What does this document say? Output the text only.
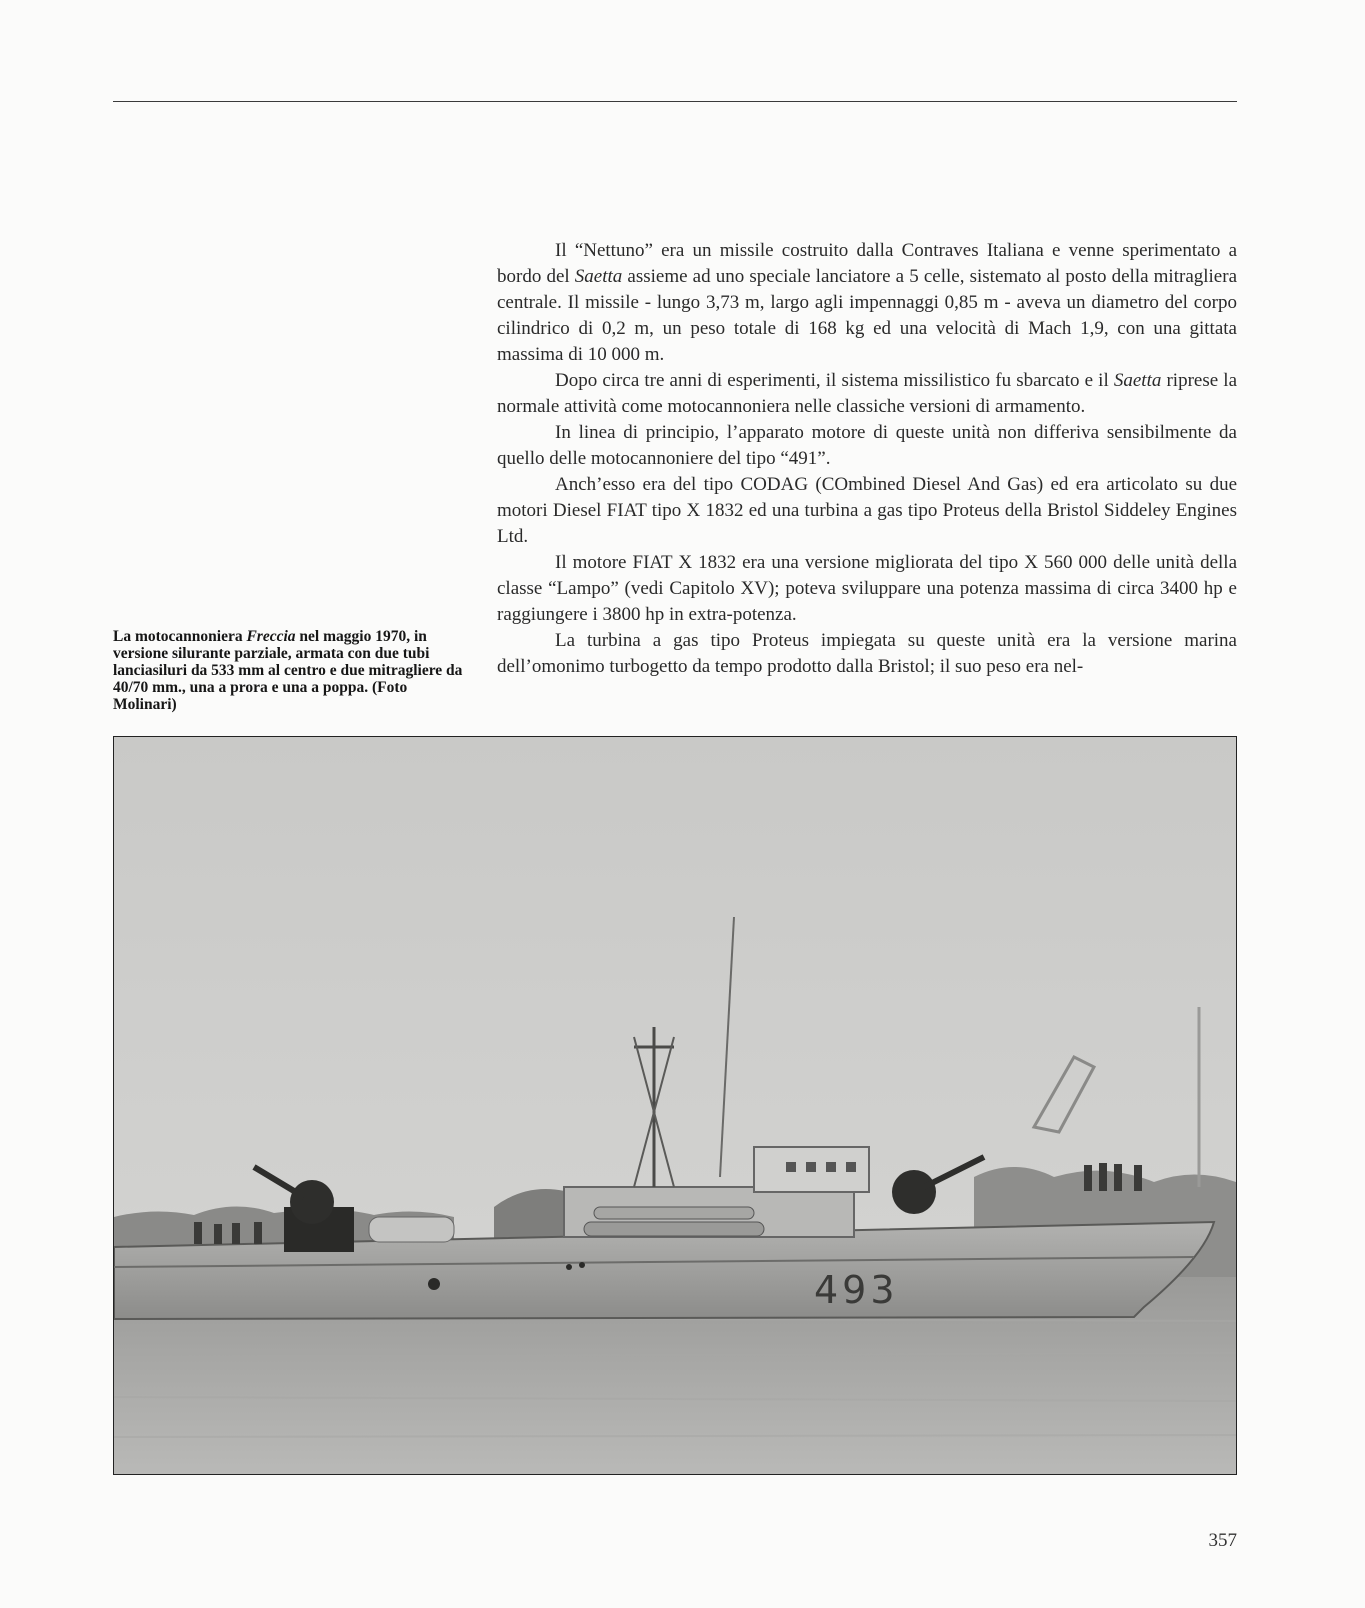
La motocannoniera Freccia nel maggio 1970, in versione silurante parziale, armata con due tubi lanciasiluri da 533 mm al centro e due mitragliere da 40/70 mm., una a prora e una a poppa. (Foto Molinari)

Il “Nettuno” era un missile costruito dalla Contraves Italiana e venne sperimentato a bordo del Saetta assieme ad uno speciale lanciatore a 5 celle, sistemato al posto della mitragliera centrale. Il missile - lungo 3,73 m, largo agli impennaggi 0,85 m - aveva un diametro del corpo cilindrico di 0,2 m, un peso totale di 168 kg ed una velocità di Mach 1,9, con una gittata massima di 10 000 m.

Dopo circa tre anni di esperimenti, il sistema missilistico fu sbarcato e il Saetta riprese la normale attività come motocannoniera nelle classiche versioni di armamento.

In linea di principio, l’apparato motore di queste unità non differiva sensibilmente da quello delle motocannoniere del tipo “491”.

Anch’esso era del tipo CODAG (COmbined Diesel And Gas) ed era articolato su due motori Diesel FIAT tipo X 1832 ed una turbina a gas tipo Proteus della Bristol Siddeley Engines Ltd.

Il motore FIAT X 1832 era una versione migliorata del tipo X 560 000 delle unità della classe “Lampo” (vedi Capitolo XV); poteva sviluppare una potenza massima di circa 3400 hp e raggiungere i 3800 hp in extra-potenza.

La turbina a gas tipo Proteus impiegata su queste unità era la versione marina dell’omonimo turbogetto da tempo prodotto dalla Bristol; il suo peso era nel-

493
357
